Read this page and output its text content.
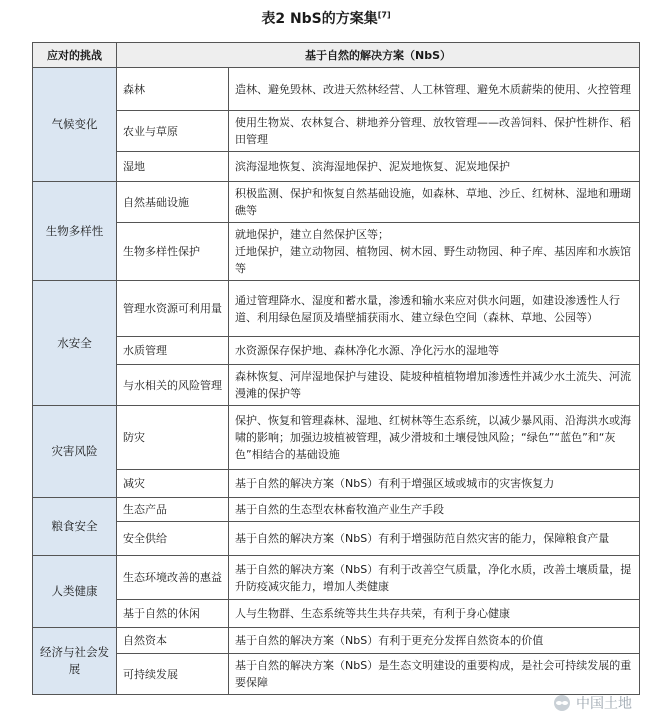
表2 NbS的方案集[7]
应对的挑战	基于自然的解决方案（NbS）	
气候变化	森林	造林、避免毁林、改进天然林经营、人工林管理、避免木质薪柴的使用、火控管理
	农业与草原	使用生物炭、农林复合、耕地养分管理、放牧管理——改善饲料、保护性耕作、稻田管理
	湿地	滨海湿地恢复、滨海湿地保护、泥炭地恢复、泥炭地保护
生物多样性	自然基础设施	积极监测、保护和恢复自然基础设施，如森林、草地、沙丘、红树林、湿地和珊瑚礁等
	生物多样性保护	就地保护，建立自然保护区等；
迁地保护，建立动物园、植物园、树木园、野生动物园、种子库、基因库和水族馆等

水安全	管理水资源可利用量	通过管理降水、湿度和蓄水量，渗透和输水来应对供水问题，如建设渗透性人行道、利用绿色屋顶及墙壁捕获雨水、建立绿色空间（森林、草地、公园等）
	水质管理	水资源保存保护地、森林净化水源、净化污水的湿地等
	与水相关的风险管理	森林恢复、河岸湿地保护与建设、陡坡种植植物增加渗透性并减少水土流失、河流漫滩的保护等
灾害风险	防灾	保护、恢复和管理森林、湿地、红树林等生态系统，以减少暴风雨、沿海洪水或海啸的影响；加强边坡植被管理，减少滑坡和土壤侵蚀风险；“绿色”“蓝色”和“灰色”相结合的基础设施
	减灾	基于自然的解决方案（NbS）有利于增强区域或城市的灾害恢复力
粮食安全	生态产品	基于自然的生态型农林畜牧渔产业生产手段
	安全供给	基于自然的解决方案（NbS）有利于增强防范自然灾害的能力，保障粮食产量
人类健康	生态环境改善的惠益	基于自然的解决方案（NbS）有利于改善空气质量，净化水质，改善土壤质量，提升防疫减灾能力，增加人类健康
	基于自然的休闲	人与生物群、生态系统等共生共存共荣，有利于身心健康
经济与社会发展	自然资本	基于自然的解决方案（NbS）有利于更充分发挥自然资本的价值
	可持续发展	基于自然的解决方案（NbS）是生态文明建设的重要构成，是社会可持续发展的重要保障
中国土地
